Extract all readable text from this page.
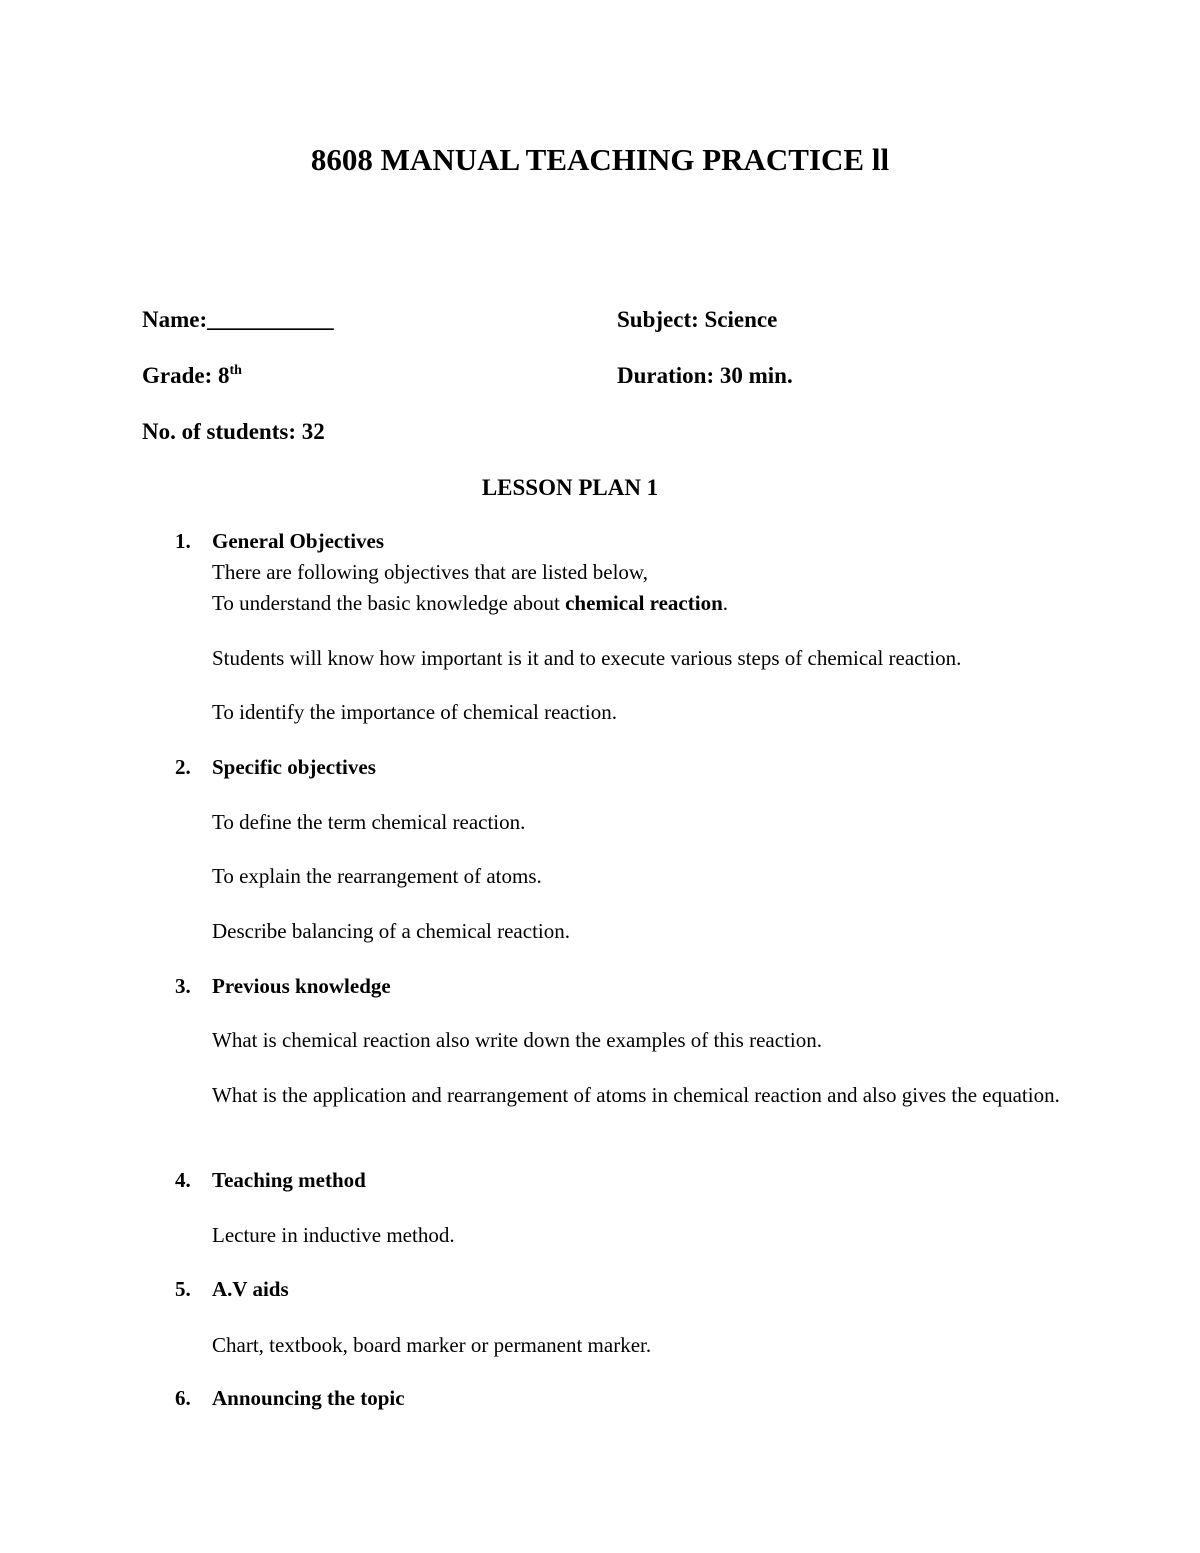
8608 MANUAL TEACHING PRACTICE ll
Name:___________	Subject: Science
Grade: 8th	Duration: 30 min.
No. of students: 32
LESSON PLAN 1
1. General Objectives
There are following objectives that are listed below,
To understand the basic knowledge about chemical reaction.
Students will know how important is it and to execute various steps of chemical reaction.
To identify the importance of chemical reaction.
2. Specific objectives
To define the term chemical reaction.
To explain the rearrangement of atoms.
Describe balancing of a chemical reaction.
3. Previous knowledge
What is chemical reaction also write down the examples of this reaction.
What is the application and rearrangement of atoms in chemical reaction and also gives the equation.
4. Teaching method
Lecture in inductive method.
5. A.V aids
Chart, textbook, board marker or permanent marker.
6. Announcing the topic
